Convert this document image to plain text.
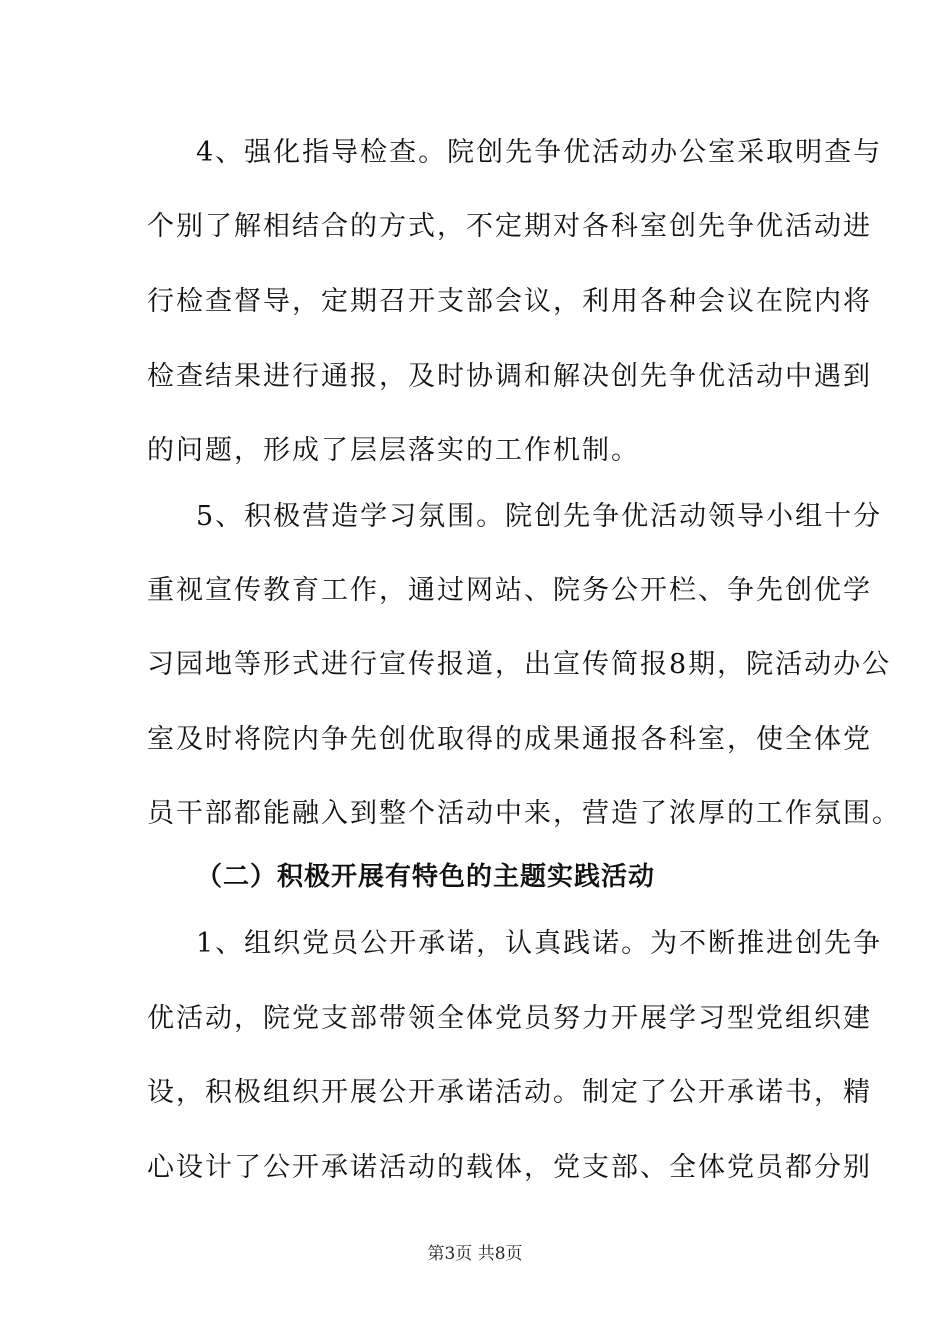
4、强化指导检查。院创先争优活动办公室采取明查与
个别了解相结合的方式，不定期对各科室创先争优活动进
行检查督导，定期召开支部会议，利用各种会议在院内将
检查结果进行通报，及时协调和解决创先争优活动中遇到
的问题，形成了层层落实的工作机制。
5、积极营造学习氛围。院创先争优活动领导小组十分
重视宣传教育工作，通过网站、院务公开栏、争先创优学
习园地等形式进行宣传报道，出宣传简报8期，院活动办公
室及时将院内争先创优取得的成果通报各科室，使全体党
员干部都能融入到整个活动中来，营造了浓厚的工作氛围。
（二）积极开展有特色的主题实践活动
1、组织党员公开承诺，认真践诺。为不断推进创先争
优活动，院党支部带领全体党员努力开展学习型党组织建
设，积极组织开展公开承诺活动。制定了公开承诺书，精
心设计了公开承诺活动的载体，党支部、全体党员都分别
第3页 共8页
